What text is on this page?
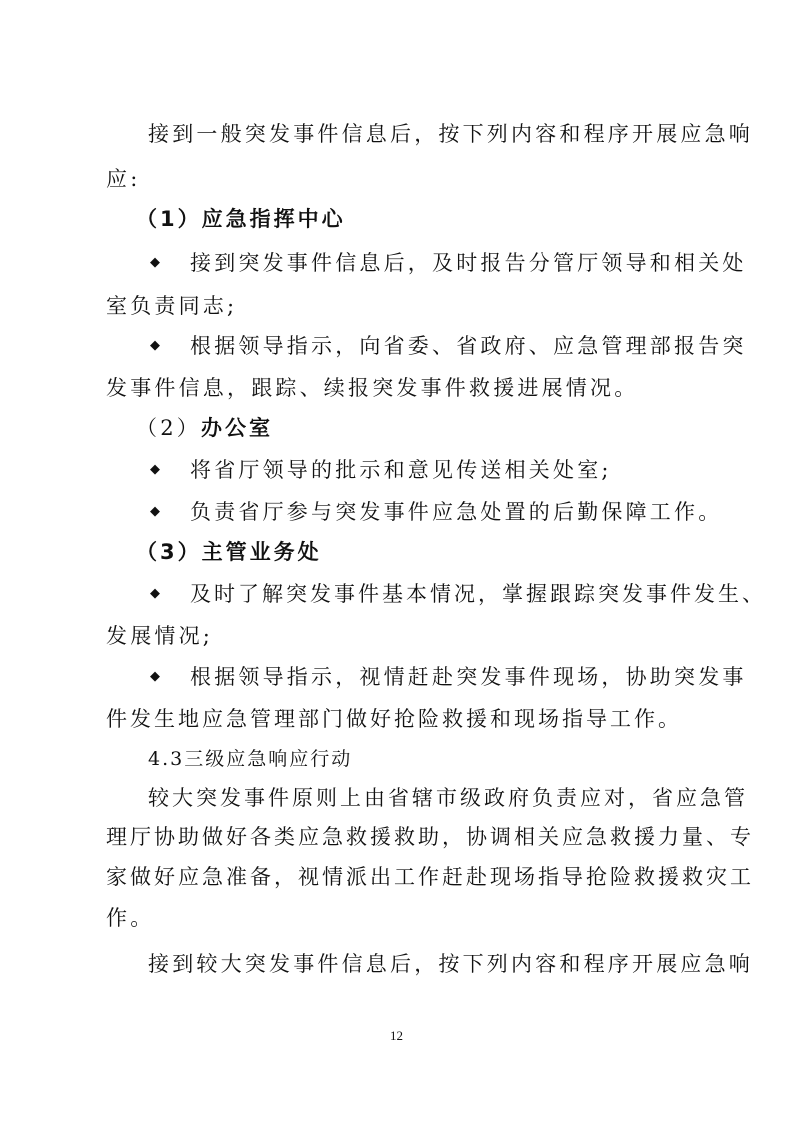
接到一般突发事件信息后，按下列内容和程序开展应急响
应:
（1）应急指挥中心
◆ 接到突发事件信息后，及时报告分管厅领导和相关处
室负责同志;
◆ 根据领导指示，向省委、省政府、应急管理部报告突
发事件信息，跟踪、续报突发事件救援进展情况。
（2）办公室
◆ 将省厅领导的批示和意见传送相关处室;
◆ 负责省厅参与突发事件应急处置的后勤保障工作。
（3）主管业务处
◆ 及时了解突发事件基本情况，掌握跟踪突发事件发生、
发展情况;
◆ 根据领导指示，视情赶赴突发事件现场，协助突发事
件发生地应急管理部门做好抢险救援和现场指导工作。
4.3三级应急响应行动
较大突发事件原则上由省辖市级政府负责应对，省应急管
理厅协助做好各类应急救援救助，协调相关应急救援力量、专
家做好应急准备，视情派出工作赶赴现场指导抢险救援救灾工
作。
接到较大突发事件信息后，按下列内容和程序开展应急响
12
